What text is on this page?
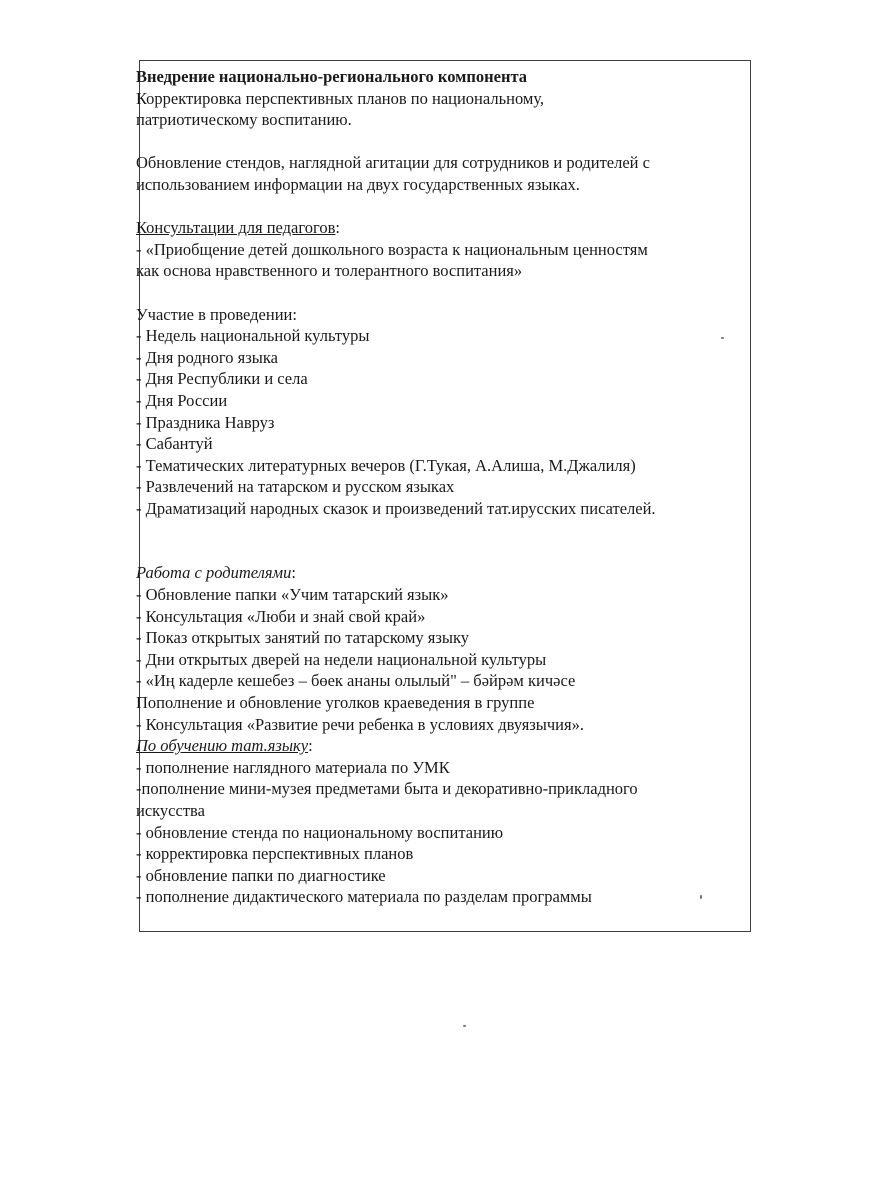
Внедрение национально-регионального компонента
Корректировка перспективных планов по национальному,
патриотическому воспитанию.
Обновление стендов, наглядной агитации для сотрудников и родителей с
использованием информации на двух государственных языках.
Консультации для педагогов:
- «Приобщение детей дошкольного возраста к национальным ценностям
как основа нравственного и толерантного воспитания»
Участие в проведении:
- Недель национальной культуры
- Дня родного языка
- Дня Республики и села
- Дня России
- Праздника Навруз
- Сабантуй
- Тематических литературных вечеров (Г.Тукая, А.Алиша, М.Джалиля)
- Развлечений на татарском и русском языках
- Драматизаций народных сказок и произведений тат.ирусских писателей.
Работа с родителями:
- Обновление папки «Учим татарский язык»
- Консультация «Люби и знай свой край»
- Показ открытых занятий по татарскому языку
- Дни открытых дверей на недели национальной культуры
- «Иң кадерле кешебез – бөек ананы олылый" – бәйрәм кичәсе
Пополнение и обновление уголков краеведения в группе
- Консультация «Развитие речи ребенка в условиях двуязычия».
По обучению тат.языку:
- пополнение наглядного материала по УМК
-пополнение мини-музея предметами быта и декоративно-прикладного
искусства
- обновление стенда по национальному воспитанию
- корректировка перспективных планов
- обновление папки по диагностике
- пополнение дидактического материала по разделам программы
